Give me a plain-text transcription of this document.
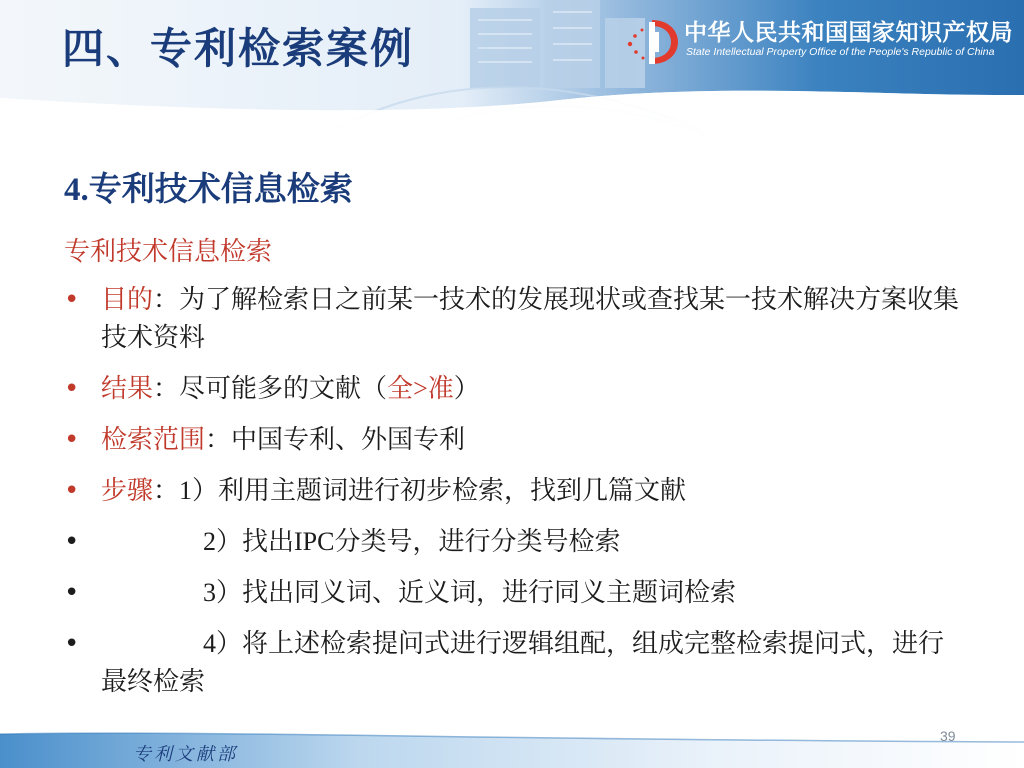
四、专利检索案例	中华人民共和国国家知识产权局
State Intellectual Property Office of the People's Republic of China
4.专利技术信息检索
专利技术信息检索
• 目的：为了解检索日之前某一技术的发展现状或查找某一技术解决方案收集技术资料
• 结果：尽可能多的文献（全>准）
• 检索范围：中国专利、外国专利
• 步骤：1）利用主题词进行初步检索，找到几篇文献
•	2）找出IPC分类号，进行分类号检索
•	3）找出同义词、近义词，进行同义主题词检索
•	4）将上述检索提问式进行逻辑组配，组成完整检索提问式，进行最终检索
专利文献部
39
